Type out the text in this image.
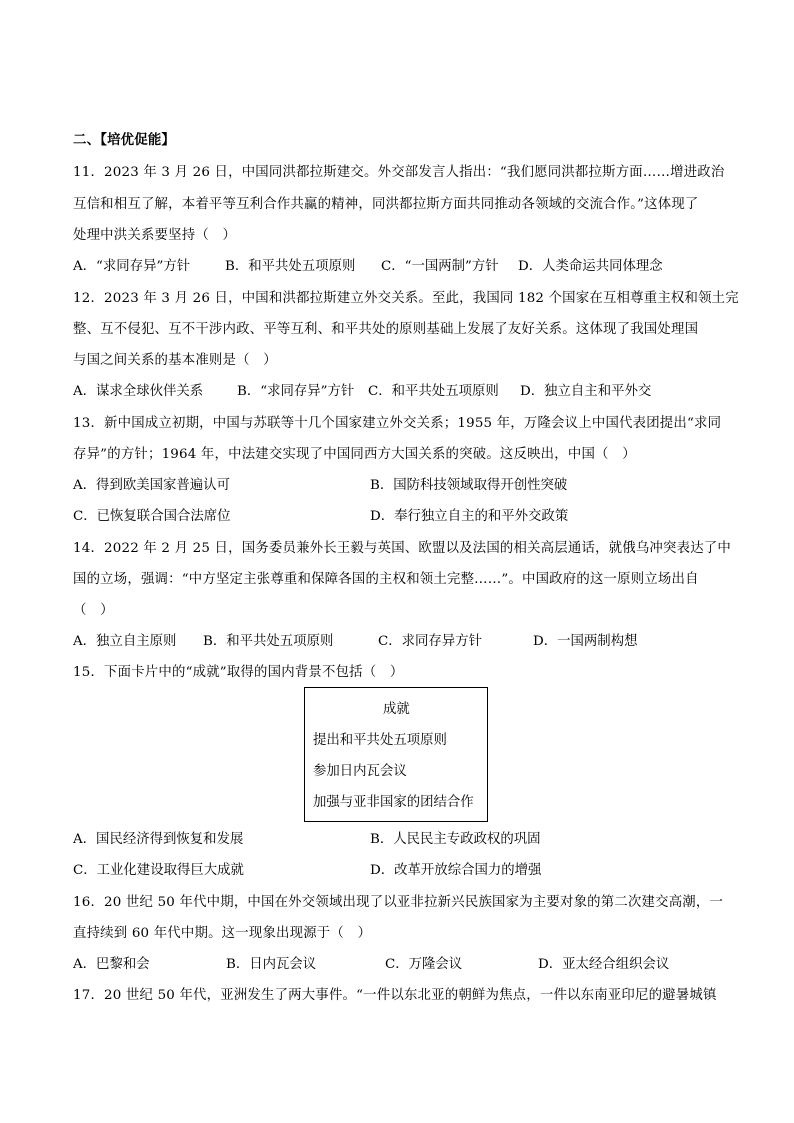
二、【培优促能】
11．2023 年 3 月 26 日，中国同洪都拉斯建交。外交部发言人指出：“我们愿同洪都拉斯方面……增进政治
互信和相互了解，本着平等互利合作共赢的精神，同洪都拉斯方面共同推动各领域的交流合作。”这体现了
处理中洪关系要坚持（　）
A．“求同存异”方针	B．和平共处五项原则 C．“一国两制”方针 D．人类命运共同体理念
12．2023 年 3 月 26 日，中国和洪都拉斯建立外交关系。至此，我国同 182 个国家在互相尊重主权和领土完
整、互不侵犯、互不干涉内政、平等互利、和平共处的原则基础上发展了友好关系。这体现了我国处理国
与国之间关系的基本准则是（　）
A．谋求全球伙伴关系	B．“求同存异”方针 C．和平共处五项原则 D．独立自主和平外交
13．新中国成立初期，中国与苏联等十几个国家建立外交关系；1955 年，万隆会议上中国代表团提出“求同
存异”的方针；1964 年，中法建交实现了中国同西方大国关系的突破。这反映出，中国（　）
A．得到欧美国家普遍认可	B．国防科技领域取得开创性突破
C．已恢复联合国合法席位	D．奉行独立自主的和平外交政策
14．2022 年 2 月 25 日，国务委员兼外长王毅与英国、欧盟以及法国的相关高层通话，就俄乌冲突表达了中
国的立场，强调：“中方坚定主张尊重和保障各国的主权和领土完整……”。中国政府的这一原则立场出自
（　）
A．独立自主原则 B．和平共处五项原则	C．求同存异方针	D．一国两制构想
15．下面卡片中的“成就”取得的国内背景不包括（　）
成就
提出和平共处五项原则
参加日内瓦会议
加强与亚非国家的团结合作
A．国民经济得到恢复和发展	B．人民民主专政政权的巩固
C．工业化建设取得巨大成就	D．改革开放综合国力的增强
16．20 世纪 50 年代中期，中国在外交领域出现了以亚非拉新兴民族国家为主要对象的第二次建交高潮，一
直持续到 60 年代中期。这一现象出现源于（　）
A．巴黎和会	B．日内瓦会议	C．万隆会议	D．亚太经合组织会议
17．20 世纪 50 年代，亚洲发生了两大事件。“一件以东北亚的朝鲜为焦点，一件以东南亚印尼的避暑城镇
